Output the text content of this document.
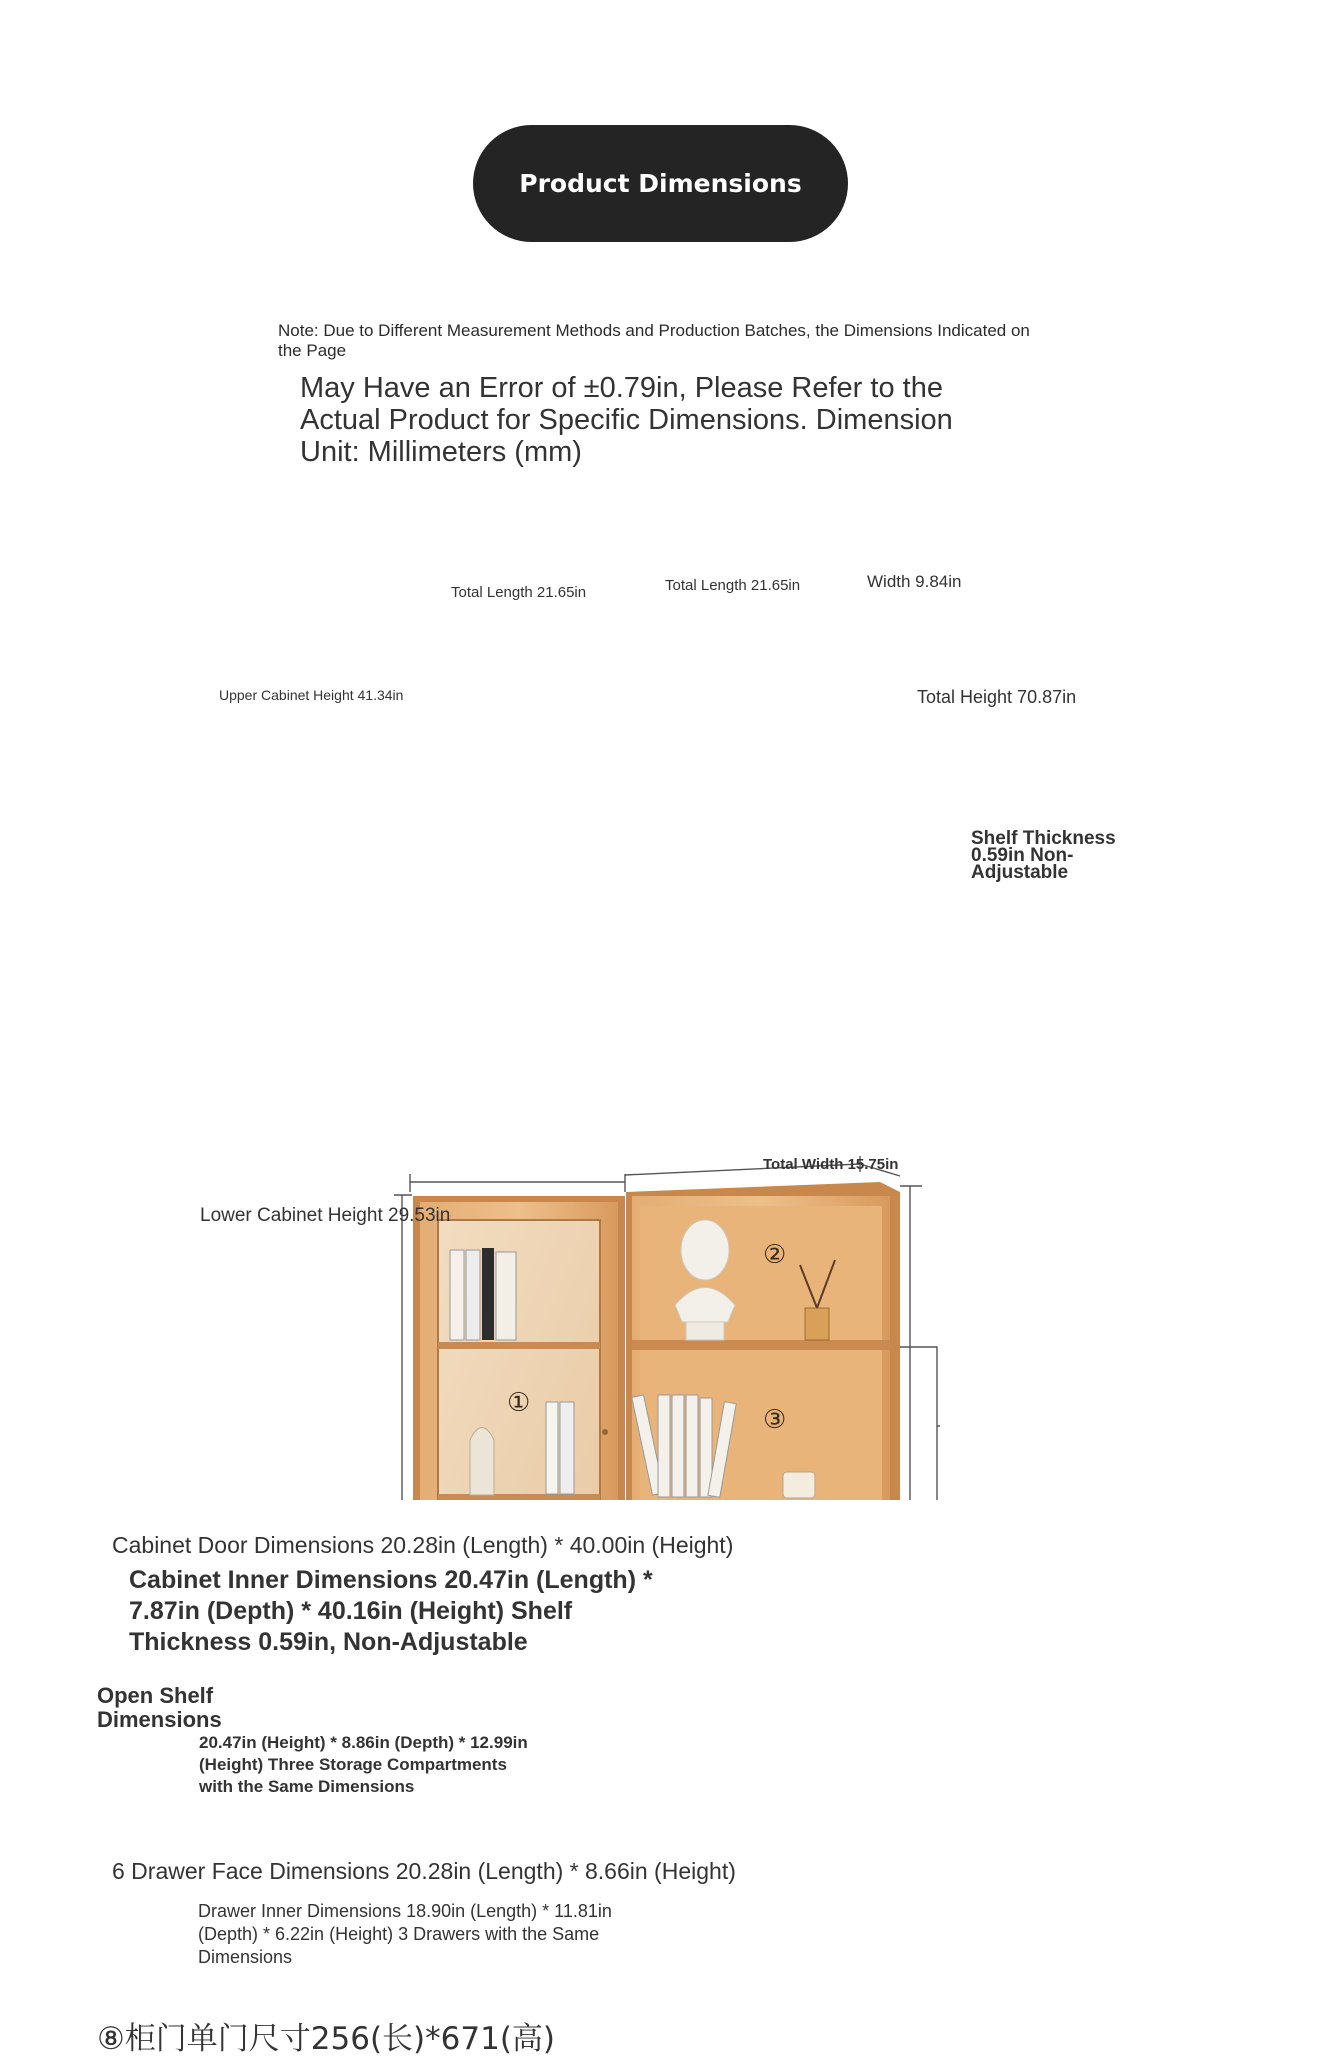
Product Dimensions
Note: Due to Different Measurement Methods and Production Batches, the Dimensions Indicated on the Page
May Have an Error of ±0.79in, Please Refer to the Actual Product for Specific Dimensions. Dimension Unit: Millimeters (mm)
①
②
③
Total Length 21.65in	Total Length 21.65in	Width 9.84in
Upper Cabinet Height 41.34in	Total Height 70.87in
Shelf Thickness 0.59in Non-Adjustable
Total Width 15.75in
Lower Cabinet Height 29.53in
Cabinet Door Dimensions 20.28in (Length) * 40.00in (Height)
Cabinet Inner Dimensions 20.47in (Length) * 7.87in (Depth) * 40.16in (Height) Shelf Thickness 0.59in, Non-Adjustable
Open Shelf Dimensions
20.47in (Height) * 8.86in (Depth) * 12.99in (Height) Three Storage Compartments with the Same Dimensions
6 Drawer Face Dimensions 20.28in (Length) * 8.66in (Height)
Drawer Inner Dimensions 18.90in (Length) * 11.81in (Depth) * 6.22in (Height) 3 Drawers with the Same Dimensions
⑧柜门单门尺寸256(长)*671(高)
